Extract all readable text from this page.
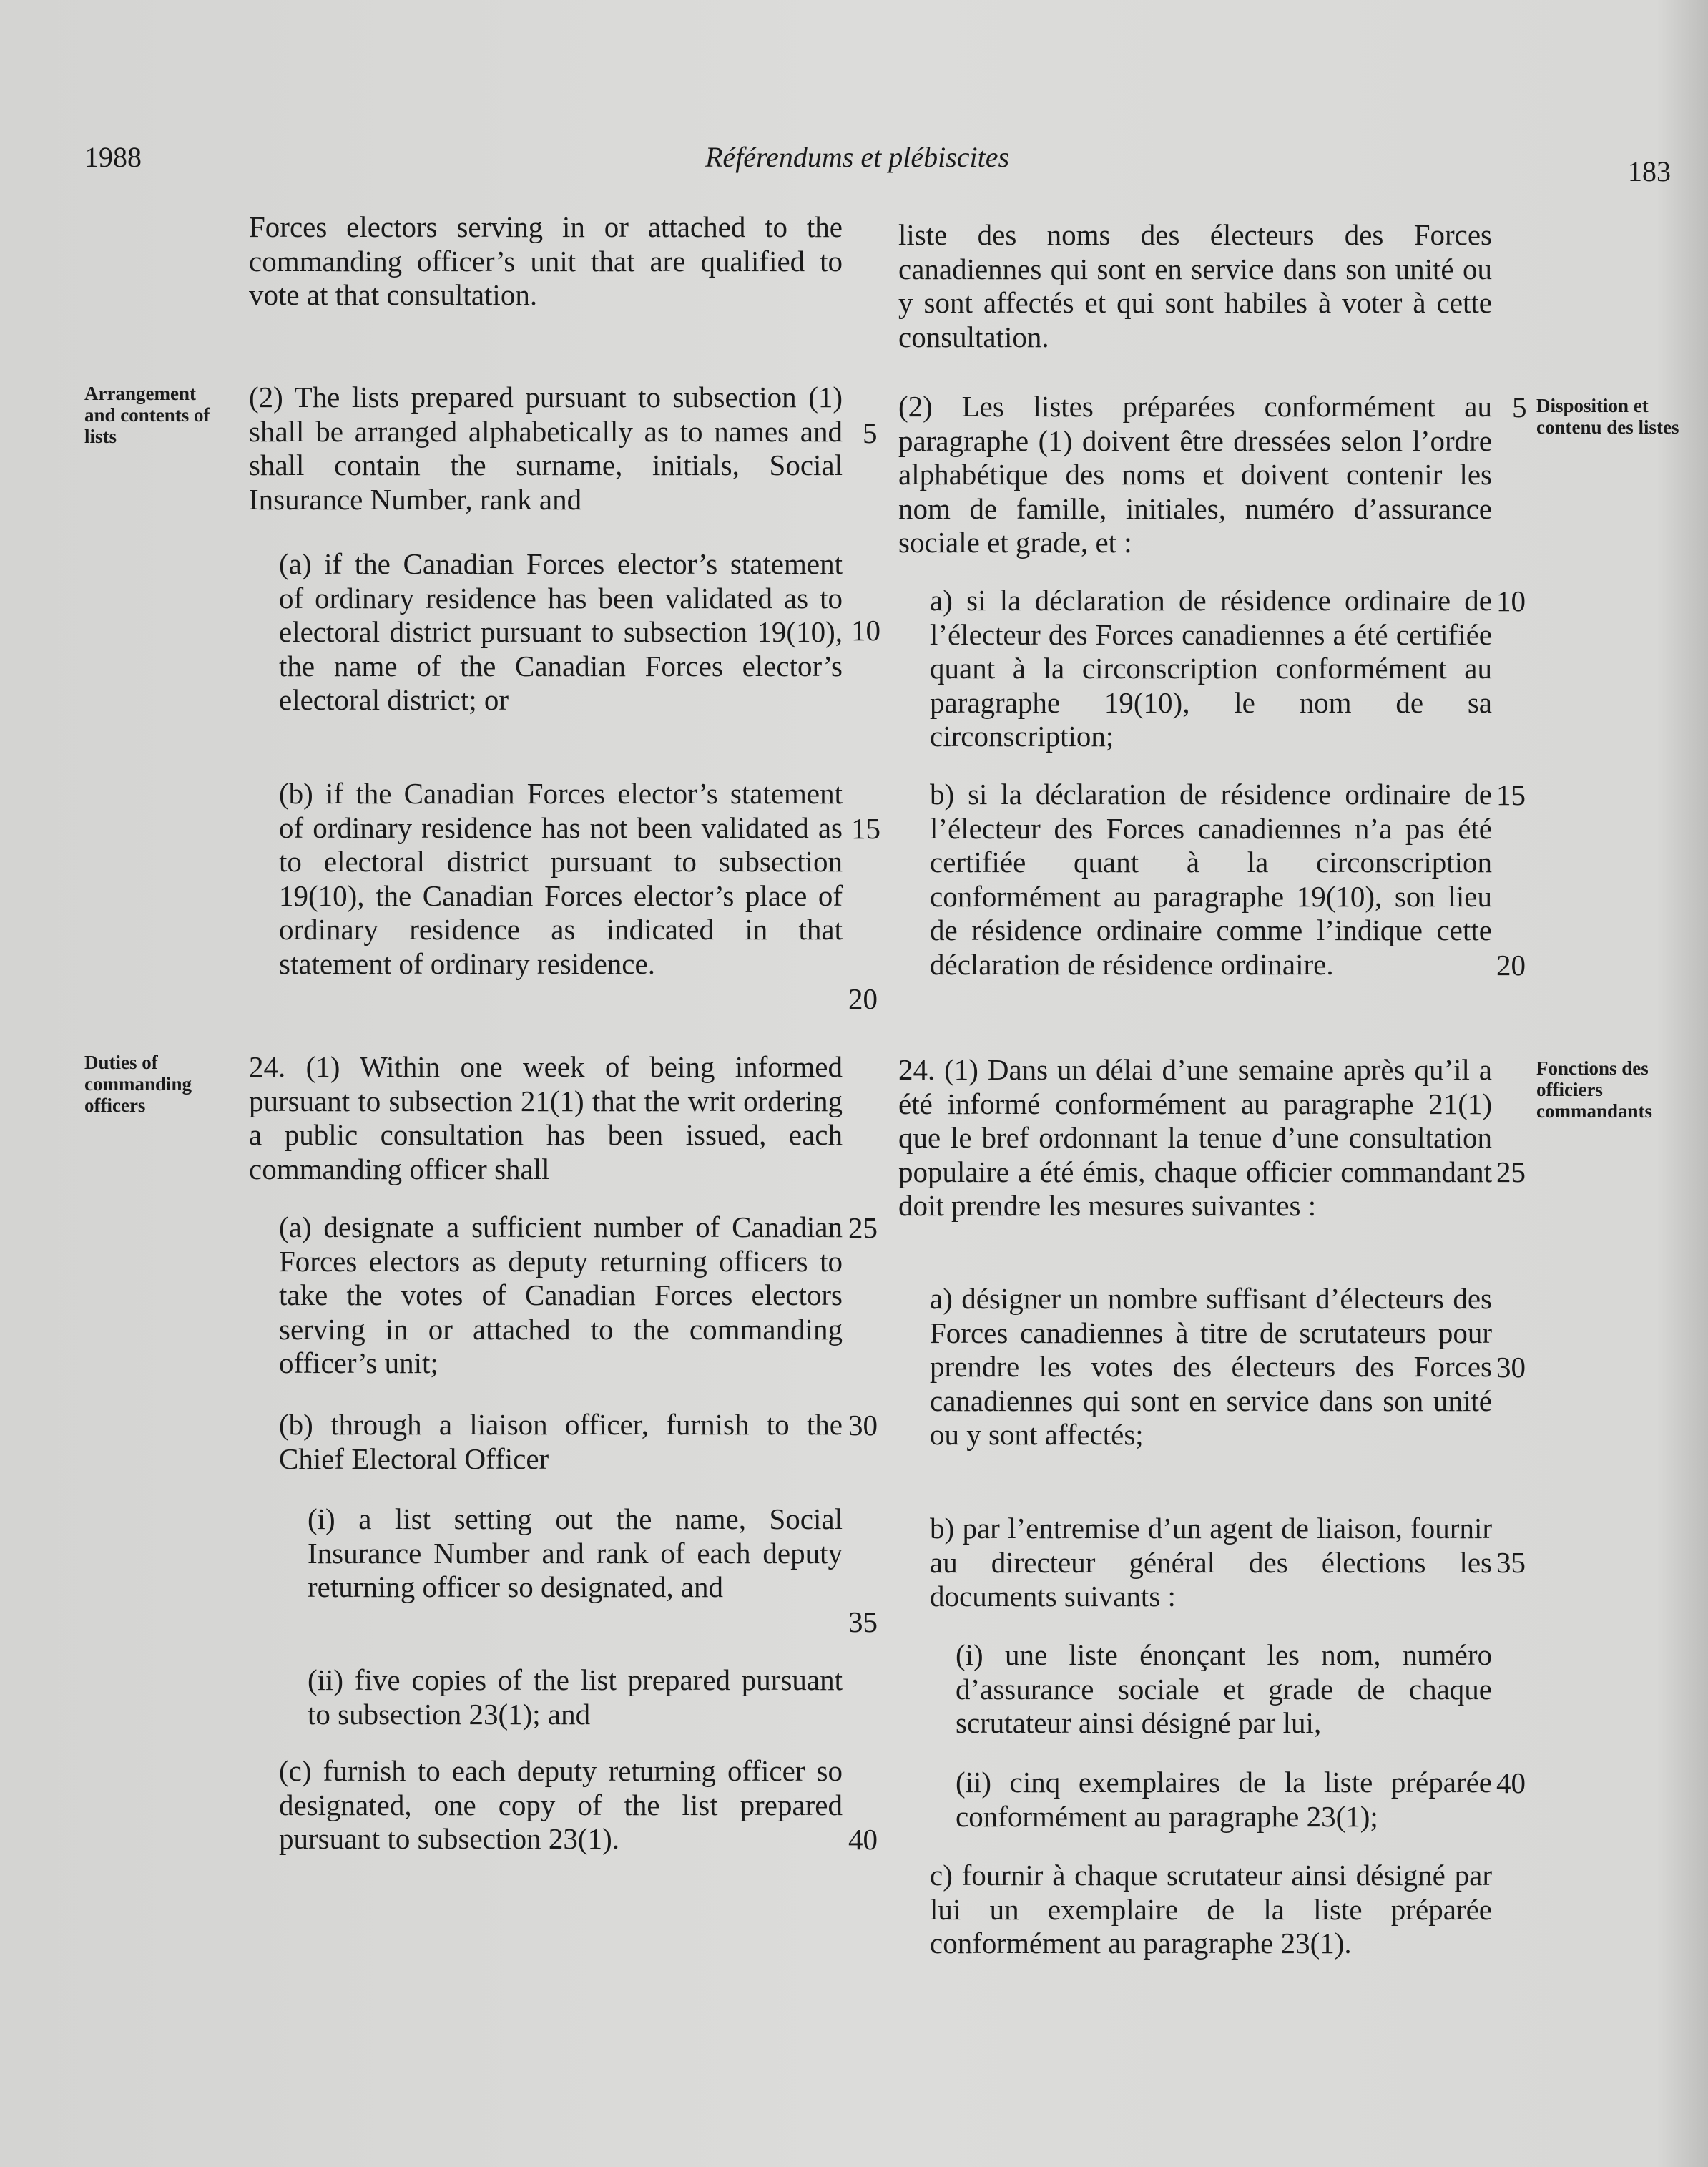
1988	Référendums et plébiscites	183
Arrangement and contents of lists
Duties of commanding officers
Disposition et contenu des listes
Fonctions des officiers commandants
Forces electors serving in or attached to the commanding officer’s unit that are qualified to vote at that consultation.
(2) The lists prepared pursuant to subsection (1) shall be arranged alphabetically as to names and shall contain the surname, initials, Social Insurance Number, rank and
(a) if the Canadian Forces elector’s statement of ordinary residence has been validated as to electoral district pursuant to subsection 19(10), the name of the Canadian Forces elector’s electoral district; or
(b) if the Canadian Forces elector’s statement of ordinary residence has not been validated as to electoral district pursuant to subsection 19(10), the Canadian Forces elector’s place of ordinary residence as indicated in that statement of ordinary residence.
24. (1) Within one week of being informed pursuant to subsection 21(1) that the writ ordering a public consultation has been issued, each commanding officer shall
(a) designate a sufficient number of Canadian Forces electors as deputy returning officers to take the votes of Canadian Forces electors serving in or attached to the commanding officer’s unit;
(b) through a liaison officer, furnish to the Chief Electoral Officer
(i) a list setting out the name, Social Insurance Number and rank of each deputy returning officer so designated, and
(ii) five copies of the list prepared pursuant to subsection 23(1); and
(c) furnish to each deputy returning officer so designated, one copy of the list prepared pursuant to subsection 23(1).
5
10
15
20
25
30
35
40
liste des noms des électeurs des Forces canadiennes qui sont en service dans son unité ou y sont affectés et qui sont habiles à voter à cette consultation.
(2) Les listes préparées conformément au paragraphe (1) doivent être dressées selon l’ordre alphabétique des noms et doivent contenir les nom de famille, initiales, numéro d’assurance sociale et grade, et :
a) si la déclaration de résidence ordinaire de l’électeur des Forces canadiennes a été certifiée quant à la circonscription conformément au paragraphe 19(10), le nom de sa circonscription;
b) si la déclaration de résidence ordinaire de l’électeur des Forces canadiennes n’a pas été certifiée quant à la circonscription conformément au paragraphe 19(10), son lieu de résidence ordinaire comme l’indique cette déclaration de résidence ordinaire.
24. (1) Dans un délai d’une semaine après qu’il a été informé conformément au paragraphe 21(1) que le bref ordonnant la tenue d’une consultation populaire a été émis, chaque officier commandant doit prendre les mesures suivantes :
a) désigner un nombre suffisant d’électeurs des Forces canadiennes à titre de scrutateurs pour prendre les votes des électeurs des Forces canadiennes qui sont en service dans son unité ou y sont affectés;
b) par l’entremise d’un agent de liaison, fournir au directeur général des élections les documents suivants :
(i) une liste énonçant les nom, numéro d’assurance sociale et grade de chaque scrutateur ainsi désigné par lui,
(ii) cinq exemplaires de la liste préparée conformément au paragraphe 23(1);
c) fournir à chaque scrutateur ainsi désigné par lui un exemplaire de la liste préparée conformément au paragraphe 23(1).
5
10
15
20
25
30
35
40
